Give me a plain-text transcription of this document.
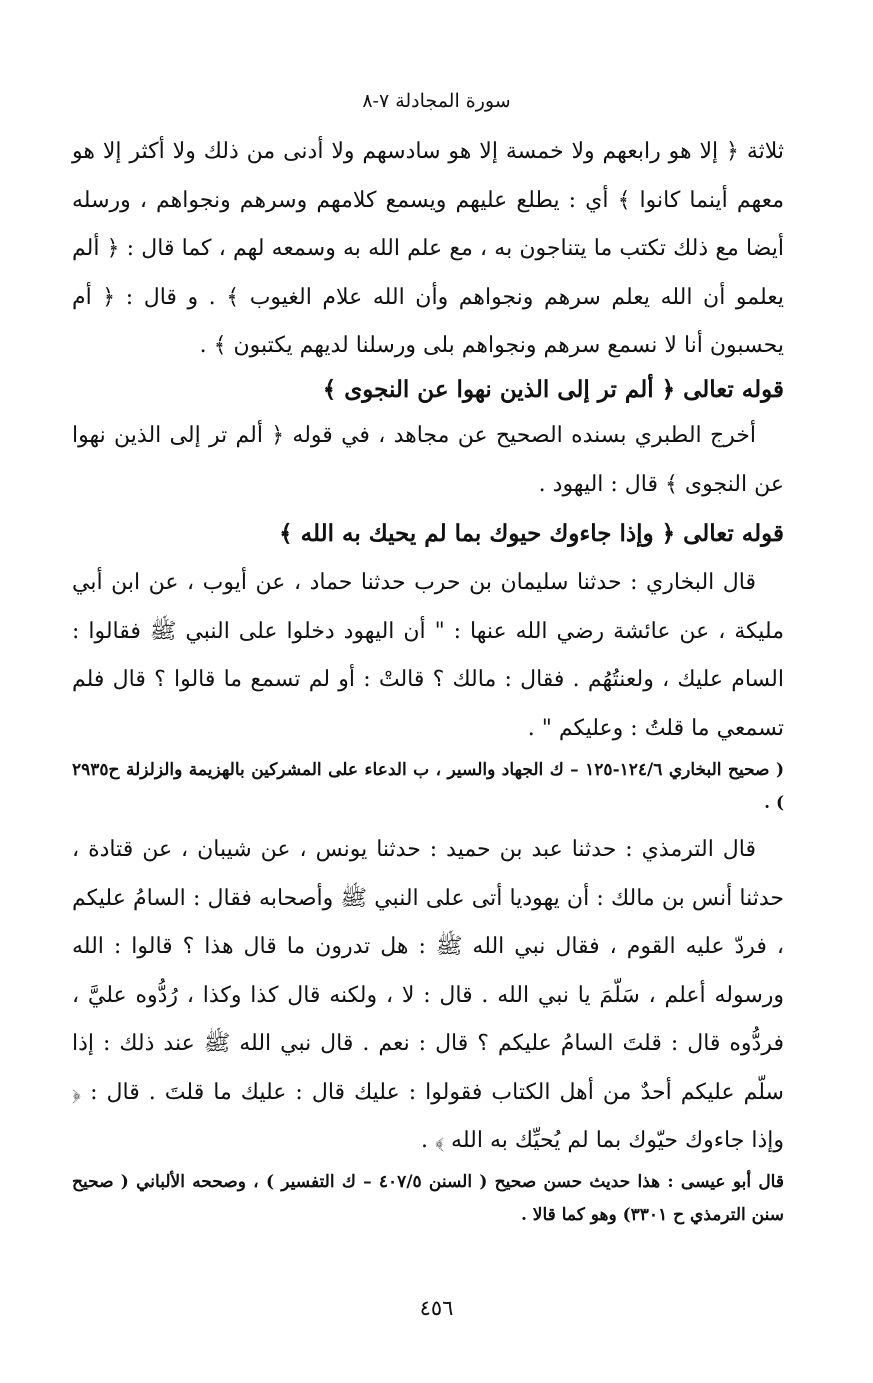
سورة المجادلة ٧-٨

ثلاثة ﴿ إلا هو رابعهم ولا خمسة إلا هو سادسهم ولا أدنى من ذلك ولا أكثر إلا هو معهم أينما كانوا ﴾ أي : يطلع عليهم ويسمع كلامهم وسرهم ونجواهم ، ورسله أيضا مع ذلك تكتب ما يتناجون به ، مع علم الله به وسمعه لهم ، كما قال : ﴿ ألم يعلمو أن الله يعلم سرهم ونجواهم وأن الله علام الغيوب ﴾ . و قال : ﴿ أم يحسبون أنا لا نسمع سرهم ونجواهم بلى ورسلنا لديهم يكتبون ﴾ .

قوله تعالى ﴿ ألم تر إلى الذين نهوا عن النجوى ﴾

أخرج الطبري بسنده الصحيح عن مجاهد ، في قوله ﴿ ألم تر إلى الذين نهوا عن النجوى ﴾ قال : اليهود .

قوله تعالى ﴿ وإذا جاءوك حيوك بما لم يحيك به الله ﴾

قال البخاري : حدثنا سليمان بن حرب حدثنا حماد ، عن أيوب ، عن ابن أبي مليكة ، عن عائشة رضي الله عنها : " أن اليهود دخلوا على النبي ﷺ فقالوا : السام عليك ، ولعنتُهُم . فقال : مالك ؟ قالتْ : أو لم تسمع ما قالوا ؟ قال فلم تسمعي ما قلتُ : وعليكم " .

( صحيح البخاري ١٢٤/٦-١٢٥ – ك الجهاد والسير ، ب الدعاء على المشركين بالهزيمة والزلزلة ح٢٩٣٥ ) .

قال الترمذي : حدثنا عبد بن حميد : حدثنا يونس ، عن شيبان ، عن قتادة ، حدثنا أنس بن مالك : أن يهوديا أتى على النبي ﷺ وأصحابه فقال : السامُ عليكم ، فردّ عليه القوم ، فقال نبي الله ﷺ : هل تدرون ما قال هذا ؟ قالوا : الله ورسوله أعلم ، سَلّمَ يا نبي الله . قال : لا ، ولكنه قال كذا وكذا ، رُدُّوه عليَّ ، فردُّوه قال : قلتَ السامُ عليكم ؟ قال : نعم . قال نبي الله ﷺ عند ذلك : إذا سلّم عليكم أحدٌ من أهل الكتاب فقولوا : عليك قال : عليك ما قلتَ . قال : ﴿ وإذا جاءوك حيّوك بما لم يُحيِّك به الله ﴾ .

قال أبو عيسى : هذا حديث حسن صحيح ( السنن ٤٠٧/٥ – ك التفسير ) ، وصححه الألباني ( صحيح سنن الترمذي ح ٣٣٠١) وهو كما قالا .

٤٥٦
